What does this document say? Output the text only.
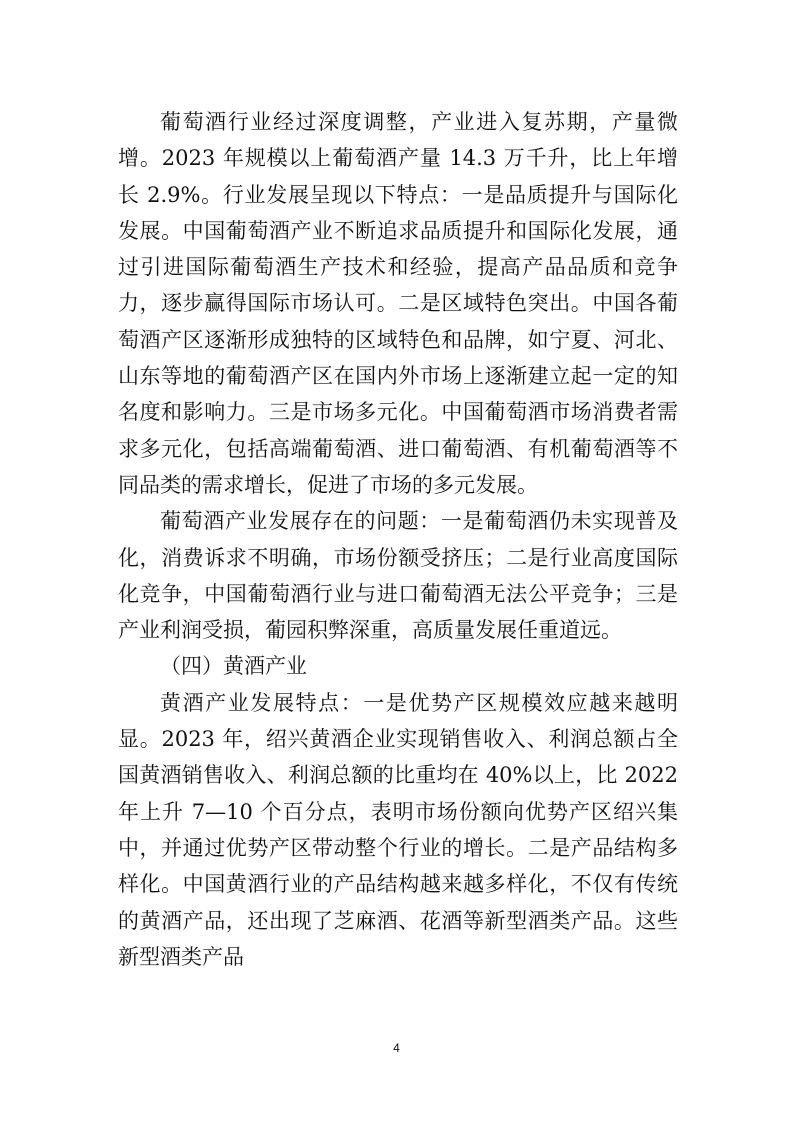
葡萄酒行业经过深度调整，产业进入复苏期，产量微增。2023 年规模以上葡萄酒产量 14.3 万千升，比上年增长 2.9%。行业发展呈现以下特点：一是品质提升与国际化发展。中国葡萄酒产业不断追求品质提升和国际化发展，通过引进国际葡萄酒生产技术和经验，提高产品品质和竞争力，逐步赢得国际市场认可。二是区域特色突出。中国各葡萄酒产区逐渐形成独特的区域特色和品牌，如宁夏、河北、山东等地的葡萄酒产区在国内外市场上逐渐建立起一定的知名度和影响力。三是市场多元化。中国葡萄酒市场消费者需求多元化，包括高端葡萄酒、进口葡萄酒、有机葡萄酒等不同品类的需求增长，促进了市场的多元发展。

葡萄酒产业发展存在的问题：一是葡萄酒仍未实现普及化，消费诉求不明确，市场份额受挤压；二是行业高度国际化竞争，中国葡萄酒行业与进口葡萄酒无法公平竞争；三是产业利润受损，葡园积弊深重，高质量发展任重道远。

（四）黄酒产业

黄酒产业发展特点：一是优势产区规模效应越来越明显。2023 年，绍兴黄酒企业实现销售收入、利润总额占全国黄酒销售收入、利润总额的比重均在 40%以上，比 2022 年上升 7—10 个百分点，表明市场份额向优势产区绍兴集中，并通过优势产区带动整个行业的增长。二是产品结构多样化。中国黄酒行业的产品结构越来越多样化，不仅有传统的黄酒产品，还出现了芝麻酒、花酒等新型酒类产品。这些新型酒类产品

4
